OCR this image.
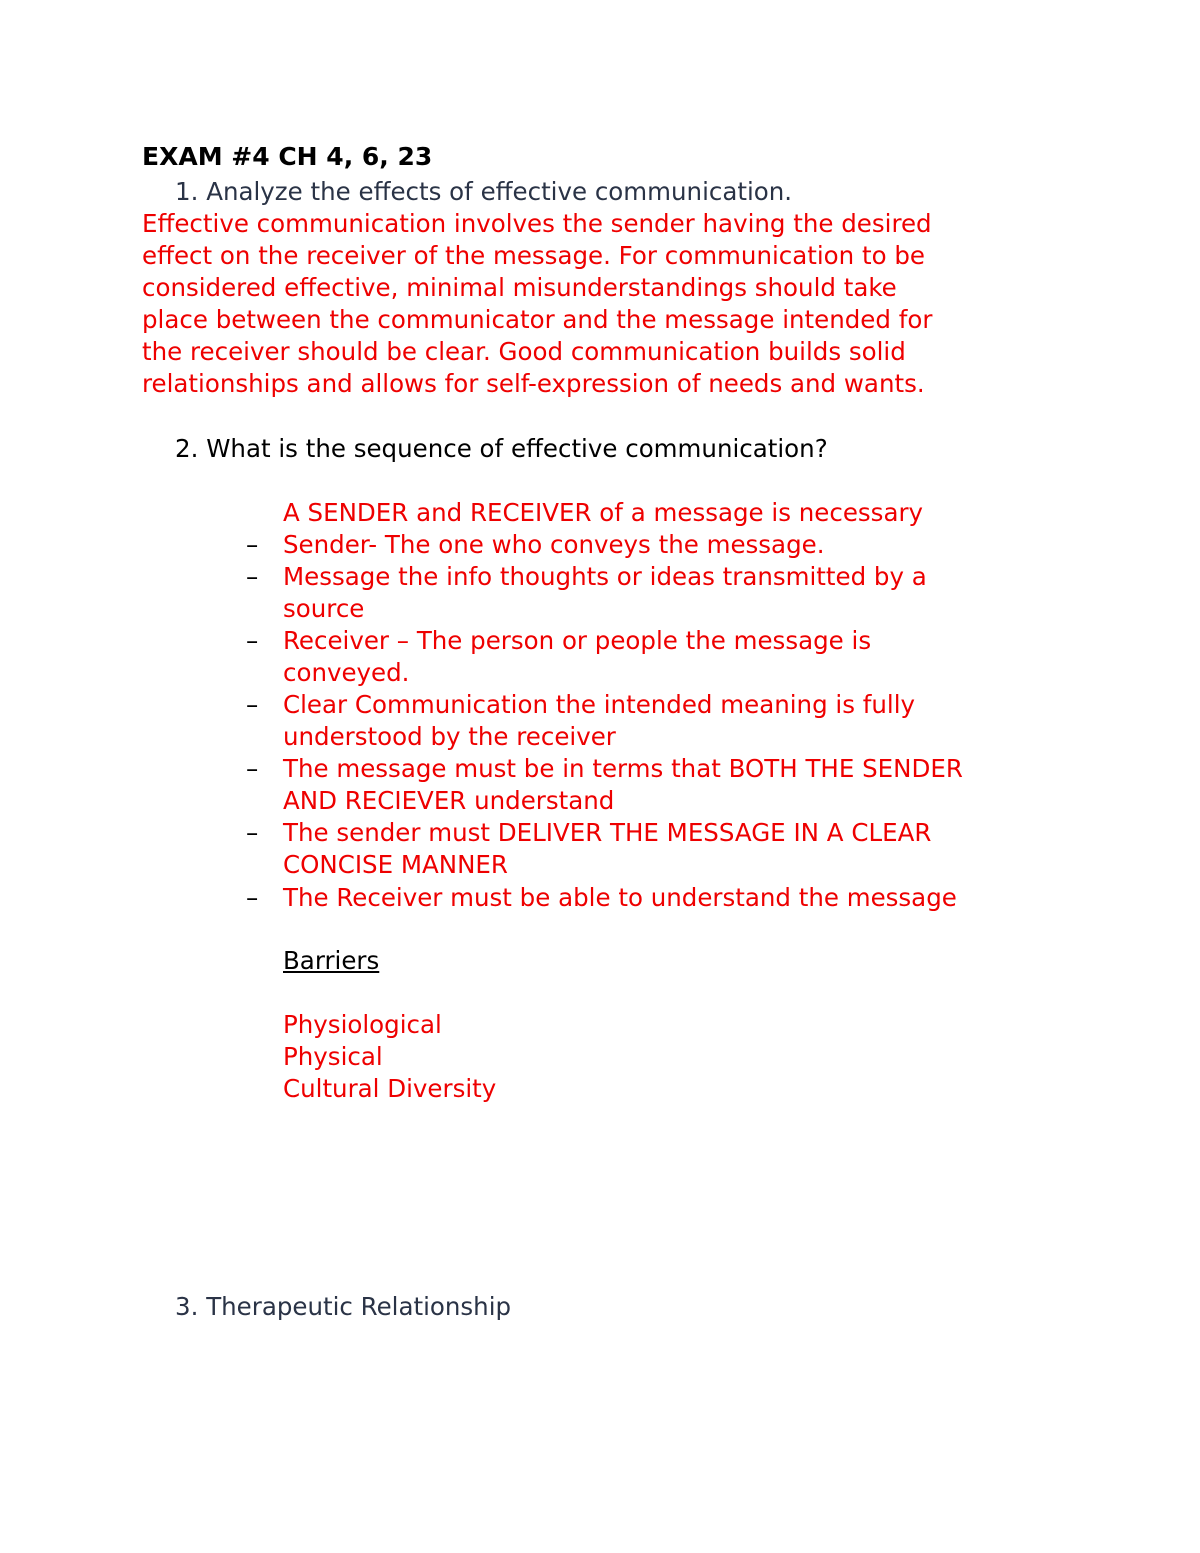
EXAM #4 CH 4, 6, 23
1. Analyze the effects of effective communication.
Effective communication involves the sender having the desired
effect on the receiver of the message. For communication to be
considered effective, minimal misunderstandings should take
place between the communicator and the message intended for
the receiver should be clear. Good communication builds solid
relationships and allows for self-expression of needs and wants.
2. What is the sequence of effective communication?
A SENDER and RECEIVER of a message is necessary
–	Sender- The one who conveys the message.
–	Message the info thoughts or ideas transmitted by a
source
–	Receiver – The person or people the message is
conveyed.
–	Clear Communication the intended meaning is fully
understood by the receiver
–	The message must be in terms that BOTH THE SENDER
AND RECIEVER understand
–	The sender must DELIVER THE MESSAGE IN A CLEAR
CONCISE MANNER
–	The Receiver must be able to understand the message
Barriers
Physiological
Physical
Cultural Diversity
3. Therapeutic Relationship
